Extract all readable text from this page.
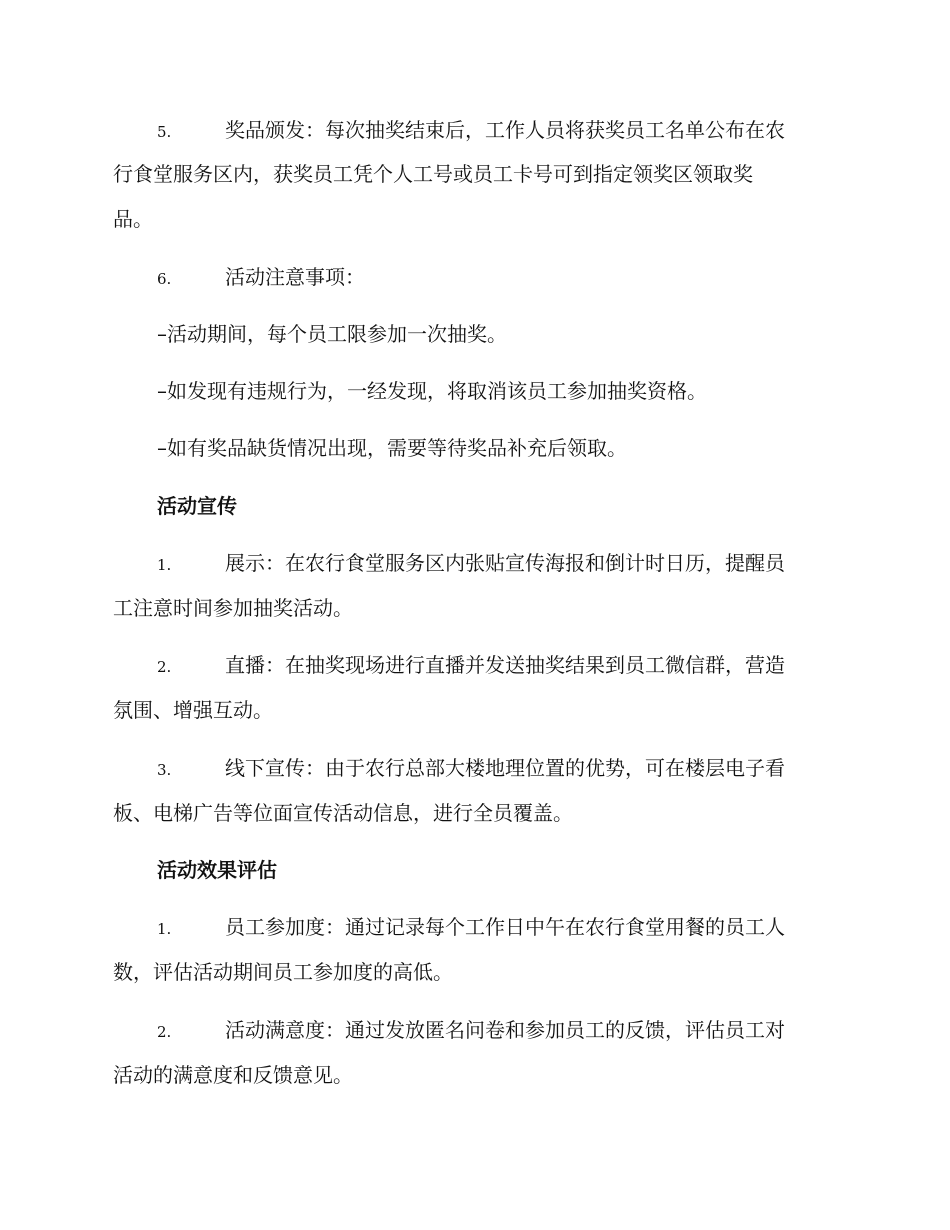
5.	奖品颁发：每次抽奖结束后，工作人员将获奖员工名单公布在农
行食堂服务区内，获奖员工凭个人工号或员工卡号可到指定领奖区领取奖
品。
6.	活动注意事项：
–活动期间，每个员工限参加一次抽奖。
–如发现有违规行为，一经发现，将取消该员工参加抽奖资格。
–如有奖品缺货情况出现，需要等待奖品补充后领取。
活动宣传
1.	展示：在农行食堂服务区内张贴宣传海报和倒计时日历，提醒员
工注意时间参加抽奖活动。
2.	直播：在抽奖现场进行直播并发送抽奖结果到员工微信群，营造
氛围、增强互动。
3.	线下宣传：由于农行总部大楼地理位置的优势，可在楼层电子看
板、电梯广告等位面宣传活动信息，进行全员覆盖。
活动效果评估
1.	员工参加度：通过记录每个工作日中午在农行食堂用餐的员工人
数，评估活动期间员工参加度的高低。
2.	活动满意度：通过发放匿名问卷和参加员工的反馈，评估员工对
活动的满意度和反馈意见。
